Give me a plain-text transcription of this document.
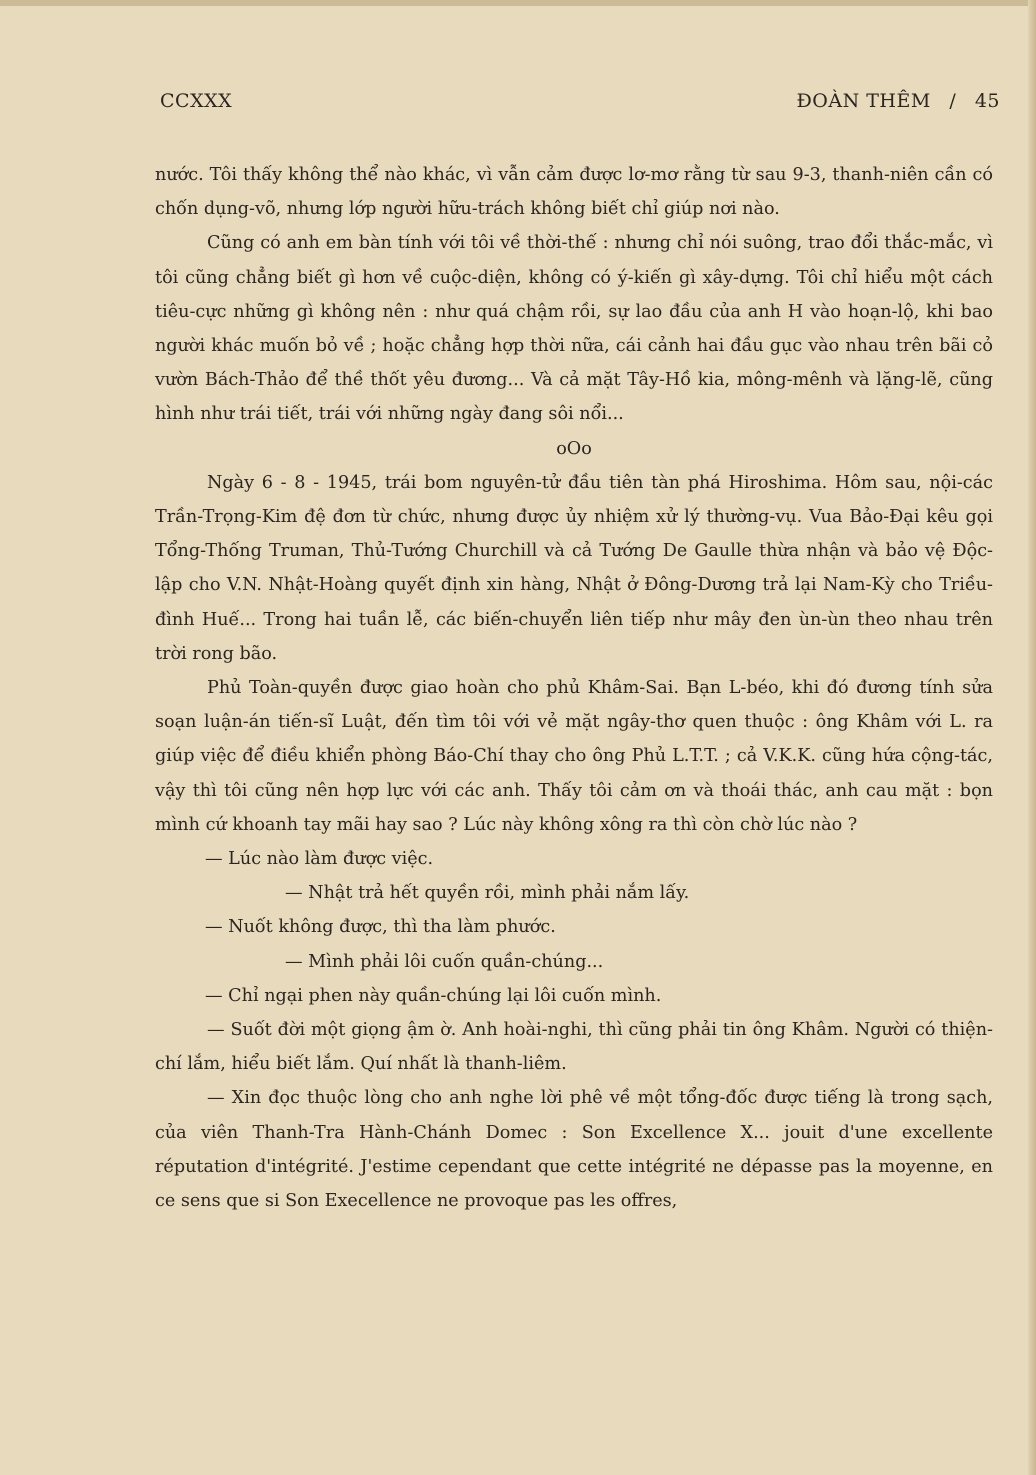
CCXXX	ĐOÀN THÊM / 45

nước. Tôi thấy không thể nào khác, vì vẫn cảm được lơ-mơ rằng từ sau 9-3, thanh-niên cần có chốn dụng-võ, nhưng lớp người hữu-trách không biết chỉ giúp nơi nào.

Cũng có anh em bàn tính với tôi về thời-thế : nhưng chỉ nói suông, trao đổi thắc-mắc, vì tôi cũng chẳng biết gì hơn về cuộc-diện, không có ý-kiến gì xây-dựng. Tôi chỉ hiểu một cách tiêu-cực những gì không nên : như quá chậm rồi, sự lao đầu của anh H vào hoạn-lộ, khi bao người khác muốn bỏ về ; hoặc chẳng hợp thời nữa, cái cảnh hai đầu gục vào nhau trên bãi cỏ vườn Bách-Thảo để thề thốt yêu đương... Và cả mặt Tây-Hồ kia, mông-mênh và lặng-lẽ, cũng hình như trái tiết, trái với những ngày đang sôi nổi...

oOo

Ngày 6 - 8 - 1945, trái bom nguyên-tử đầu tiên tàn phá Hiroshima. Hôm sau, nội-các Trần-Trọng-Kim đệ đơn từ chức, nhưng được ủy nhiệm xử lý thường-vụ. Vua Bảo-Đại kêu gọi Tổng-Thống Truman, Thủ-Tướng Churchill và cả Tướng De Gaulle thừa nhận và bảo vệ Độc-lập cho V.N. Nhật-Hoàng quyết định xin hàng, Nhật ở Đông-Dương trả lại Nam-Kỳ cho Triều-đình Huế... Trong hai tuần lễ, các biến-chuyển liên tiếp như mây đen ùn-ùn theo nhau trên trời rong bão.

Phủ Toàn-quyền được giao hoàn cho phủ Khâm-Sai. Bạn L-béo, khi đó đương tính sửa soạn luận-án tiến-sĩ Luật, đến tìm tôi với vẻ mặt ngây-thơ quen thuộc : ông Khâm với L. ra giúp việc để điều khiển phòng Báo-Chí thay cho ông Phủ L.T.T. ; cả V.K.K. cũng hứa cộng-tác, vậy thì tôi cũng nên hợp lực với các anh. Thấy tôi cảm ơn và thoái thác, anh cau mặt : bọn mình cứ khoanh tay mãi hay sao ? Lúc này không xông ra thì còn chờ lúc nào ?

— Lúc nào làm được việc.

— Nhật trả hết quyền rồi, mình phải nắm lấy.

— Nuốt không được, thì tha làm phước.

— Mình phải lôi cuốn quần-chúng...

— Chỉ ngại phen này quần-chúng lại lôi cuốn mình.

— Suốt đời một giọng ậm ờ. Anh hoài-nghi, thì cũng phải tin ông Khâm. Người có thiện-chí lắm, hiểu biết lắm. Quí nhất là thanh-liêm.

— Xin đọc thuộc lòng cho anh nghe lời phê về một tổng-đốc được tiếng là trong sạch, của viên Thanh-Tra Hành-Chánh Domec : Son Excellence X... jouit d'une excellente réputation d'intégrité. J'estime cependant que cette intégrité ne dépasse pas la moyenne, en ce sens que si Son Execellence ne provoque pas les offres,
